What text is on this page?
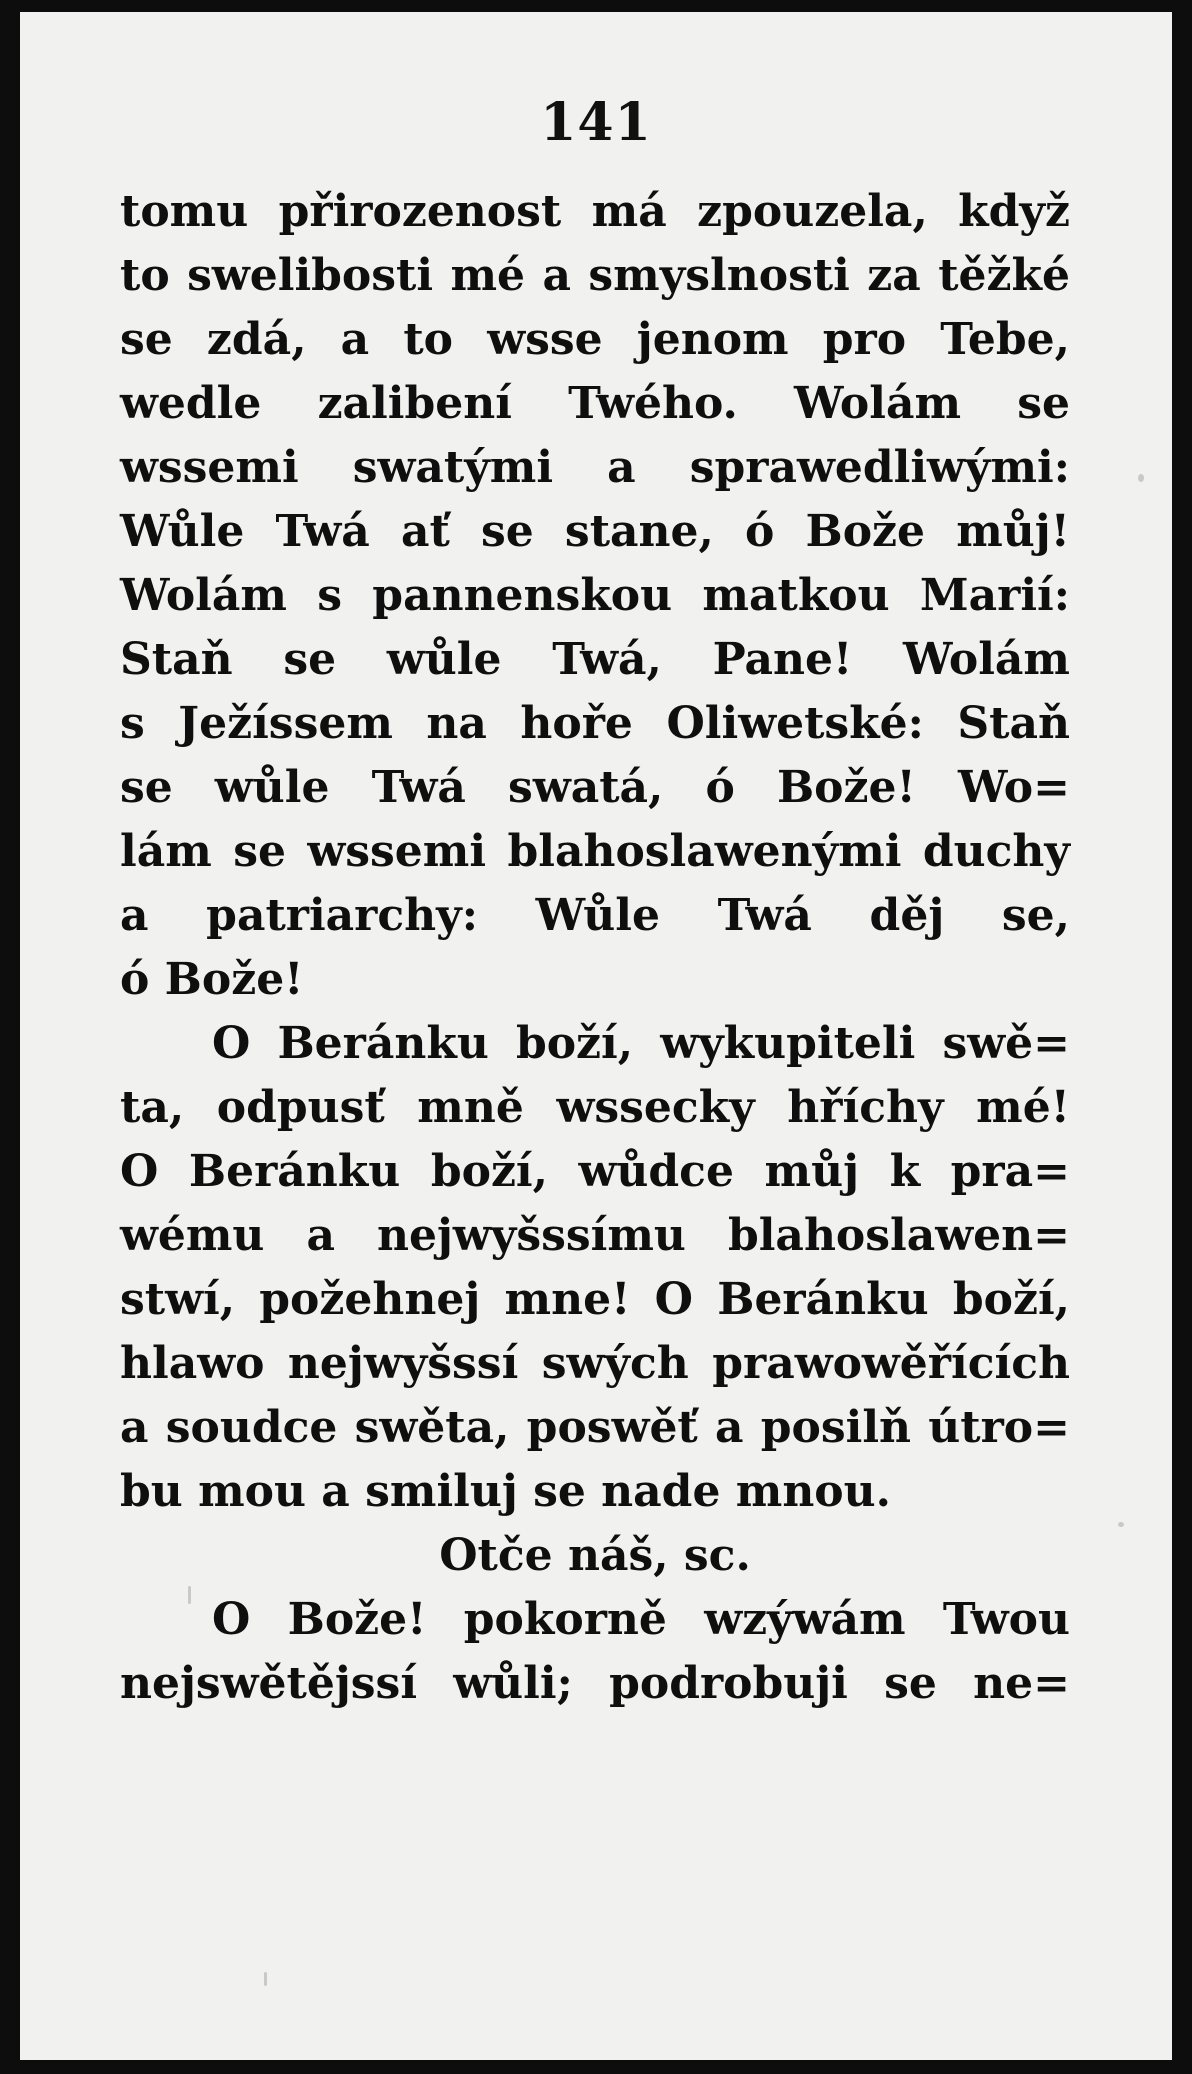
141
tomu přirozenost má zpouzela, když
to swelibosti mé a smyslnosti za těžké
se zdá, a to wsse jenom pro Tebe,
wedle zalibení Twého. Wolám se
wssemi swatými a sprawedliwými:
Wůle Twá ať se stane, ó Bože můj!
Wolám s pannenskou matkou Marií:
Staň se wůle Twá, Pane! Wolám
s Ježíssem na hoře Oliwetské: Staň
se wůle Twá swatá, ó Bože! Wo=
lám se wssemi blahoslawenými duchy
a patriarchy: Wůle Twá děj se,
ó Bože!
O Beránku boží, wykupiteli swě=
ta, odpusť mně wssecky hříchy mé!
O Beránku boží, wůdce můj k pra=
wému a nejwyšssímu blahoslawen=
stwí, požehnej mne! O Beránku boží,
hlawo nejwyšssí swých prawowěřících
a soudce swěta, poswěť a posilň útro=
bu mou a smiluj se nade mnou.
Otče náš, sc.
O Bože! pokorně wzýwám Twou
nejswětějssí wůli; podrobuji se ne=
